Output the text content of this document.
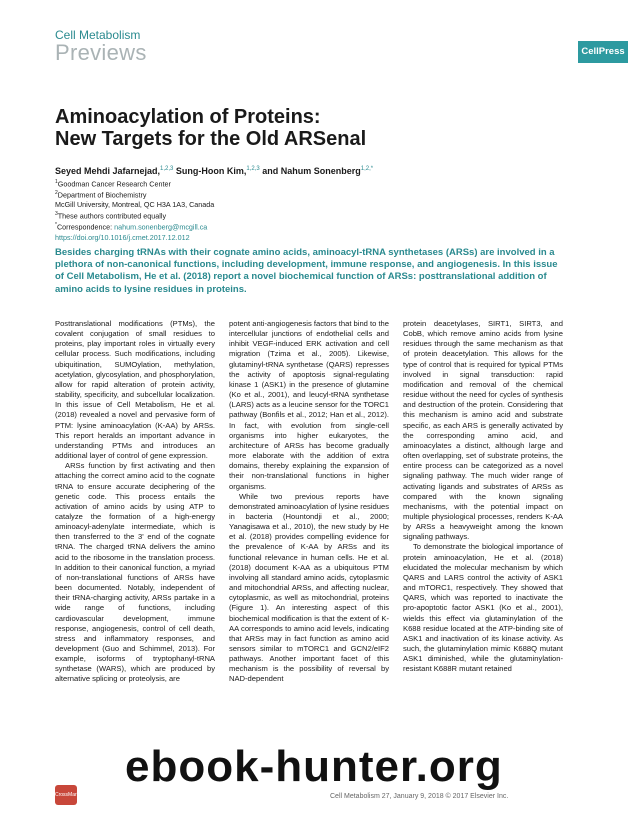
Cell Metabolism
Previews	CellPress
Aminoacylation of Proteins:
New Targets for the Old ARSenal
Seyed Mehdi Jafarnejad,$^{1,2,3}$ Sung-Hoon Kim,$^{1,2,3}$ and Nahum Sonenberg$^{1,2,*}$
$^1$Goodman Cancer Research Center
$^2$Department of Biochemistry
McGill University, Montreal, QC H3A 1A3, Canada
$^3$These authors contributed equally
*Correspondence: nahum.sonenberg@mcgill.ca
https://doi.org/10.1016/j.cmet.2017.12.012

Besides charging tRNAs with their cognate amino acids, aminoacyl-tRNA synthetases (ARSs) are involved in a plethora of non-canonical functions, including development, immune response, and angiogenesis. In this issue of Cell Metabolism, He et al. (2018) report a novel biochemical function of ARSs: posttranslational addition of amino acids to lysine residues in proteins.

Posttranslational modifications (PTMs), the covalent conjugation of small residues to proteins, play important roles in virtually every cellular process. Such modifications, including ubiquitination, SUMOylation, methylation, acetylation, glycosylation, and phosphorylation, allow for rapid alteration of protein activity, stability, specificity, and subcellular localization. In this issue of Cell Metabolism, He et al. (2018) revealed a novel and pervasive form of PTM: lysine aminoacylation (K-AA) by ARSs. This report heralds an important advance in understanding PTMs and introduces an additional layer of control of gene expression.

ARSs function by first activating and then attaching the correct amino acid to the cognate tRNA to ensure accurate deciphering of the genetic code. This process entails the activation of amino acids by using ATP to catalyze the formation of a high-energy aminoacyl-adenylate intermediate, which is then transferred to the 3' end of the cognate tRNA. The charged tRNA delivers the amino acid to the ribosome in the translation process. In addition to their canonical function, a myriad of non-translational functions of ARSs have been documented. Notably, independent of their tRNA-charging activity, ARSs partake in a wide range of functions, including cardiovascular development, immune response, angiogenesis, control of cell death, stress and inflammatory responses, and development (Guo and Schimmel, 2013). For example, isoforms of tryptophanyl-tRNA synthetase (WARS), which are produced by alternative splicing or proteolysis, are

potent anti-angiogenesis factors that bind to the intercellular junctions of endothelial cells and inhibit VEGF-induced ERK activation and cell migration (Tzima et al., 2005). Likewise, glutaminyl-tRNA synthetase (QARS) represses the activity of apoptosis signal-regulating kinase 1 (ASK1) in the presence of glutamine (Ko et al., 2001), and leucyl-tRNA synthetase (LARS) acts as a leucine sensor for the TORC1 pathway (Bonfils et al., 2012; Han et al., 2012). In fact, with evolution from single-cell organisms into higher eukaryotes, the architecture of ARSs has become gradually more elaborate with the addition of extra domains, thereby explaining the expansion of their non-translational functions in higher organisms.

While two previous reports have demonstrated aminoacylation of lysine residues in bacteria (Hountondji et al., 2000; Yanagisawa et al., 2010), the new study by He et al. (2018) provides compelling evidence for the prevalence of K-AA by ARSs and its functional relevance in human cells. He et al. (2018) document K-AA as a ubiquitous PTM involving all standard amino acids, cytoplasmic and mitochondrial ARSs, and affecting nuclear, cytoplasmic, as well as mitochondrial, proteins (Figure 1). An interesting aspect of this biochemical modification is that the extent of K-AA corresponds to amino acid levels, indicating that ARSs may in fact function as amino acid sensors similar to mTORC1 and GCN2/eIF2 pathways. Another important facet of this mechanism is the possibility of reversal by NAD-dependent

protein deacetylases, SIRT1, SIRT3, and CobB, which remove amino acids from lysine residues through the same mechanism as that of protein deacetylation. This allows for the type of control that is required for typical PTMs involved in signal transduction: rapid modification and removal of the chemical residue without the need for cycles of synthesis and destruction of the protein. Considering that this mechanism is amino acid and substrate specific, as each ARS is generally activated by the corresponding amino acid, and aminoacylates a distinct, although large and often overlapping, set of substrate proteins, the entire process can be categorized as a novel signaling pathway. The much wider range of activating ligands and substrates of ARSs as compared with the known signaling mechanisms, with the potential impact on multiple physiological processes, renders K-AA by ARSs a heavyweight among the known signaling pathways.

To demonstrate the biological importance of protein aminoacylation, He et al. (2018) elucidated the molecular mechanism by which QARS and LARS control the activity of ASK1 and mTORC1, respectively. They showed that QARS, which was reported to inactivate the pro-apoptotic factor ASK1 (Ko et al., 2001), wields this effect via glutaminylation of the K688 residue located at the ATP-binding site of ASK1 and inactivation of its kinase activity. As such, the glutaminylation mimic K688Q mutant ASK1 diminished, while the glutaminylation-resistant K688R mutant retained

CrossMark	Cell Metabolism 27, January 9, 2018 © 2017 Elsevier Inc.
ebook-hunter.org
